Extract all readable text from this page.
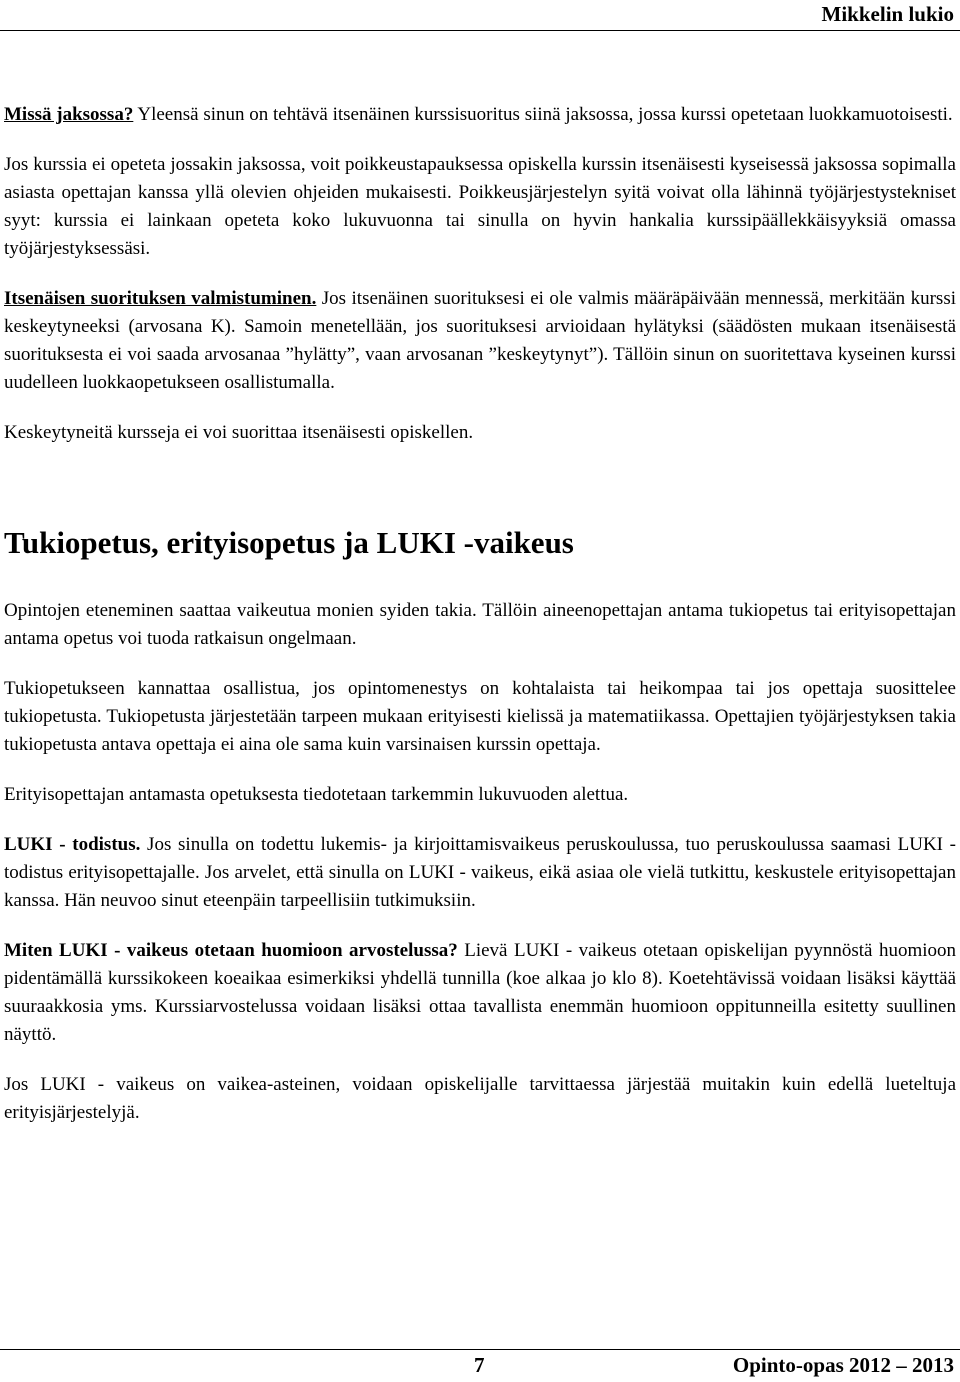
Mikkelin lukio

Missä jaksossa? Yleensä sinun on tehtävä itsenäinen kurssisuoritus siinä jaksossa, jossa kurssi opetetaan luokkamuotoisesti.

Jos kurssia ei opeteta jossakin jaksossa, voit poikkeustapauksessa opiskella kurssin itsenäisesti kyseisessä jaksossa sopimalla asiasta opettajan kanssa yllä olevien ohjeiden mukaisesti. Poikkeusjärjestelyn syitä voivat olla lähinnä työjärjestystekniset syyt: kurssia ei lainkaan opeteta koko lukuvuonna tai sinulla on hyvin hankalia kurssipäällekkäisyyksiä omassa työjärjestyksessäsi.

Itsenäisen suorituksen valmistuminen. Jos itsenäinen suorituksesi ei ole valmis määräpäivään mennessä, merkitään kurssi keskeytyneeksi (arvosana K). Samoin menetellään, jos suorituksesi arvioidaan hylätyksi (säädösten mukaan itsenäisestä suorituksesta ei voi saada arvosanaa ”hylätty”, vaan arvosanan ”keskeytynyt”). Tällöin sinun on suoritettava kyseinen kurssi uudelleen luokkaopetukseen osallistumalla.

Keskeytyneitä kursseja ei voi suorittaa itsenäisesti opiskellen.

Tukiopetus, erityisopetus ja LUKI -vaikeus

Opintojen eteneminen saattaa vaikeutua monien syiden takia. Tällöin aineenopettajan antama tukiopetus tai erityisopettajan antama opetus voi tuoda ratkaisun ongelmaan.

Tukiopetukseen kannattaa osallistua, jos opintomenestys on kohtalaista tai heikompaa tai jos opettaja suosittelee tukiopetusta. Tukiopetusta järjestetään tarpeen mukaan erityisesti kielissä ja matematiikassa. Opettajien työjärjestyksen takia tukiopetusta antava opettaja ei aina ole sama kuin varsinaisen kurssin opettaja.

Erityisopettajan antamasta opetuksesta tiedotetaan tarkemmin lukuvuoden alettua.

LUKI - todistus. Jos sinulla on todettu lukemis- ja kirjoittamisvaikeus peruskoulussa, tuo peruskoulussa saamasi LUKI - todistus erityisopettajalle. Jos arvelet, että sinulla on LUKI - vaikeus, eikä asiaa ole vielä tutkittu, keskustele erityisopettajan kanssa. Hän neuvoo sinut eteenpäin tarpeellisiin tutkimuksiin.

Miten LUKI - vaikeus otetaan huomioon arvostelussa? Lievä LUKI - vaikeus otetaan opiskelijan pyynnöstä huomioon pidentämällä kurssikokeen koeaikaa esimerkiksi yhdellä tunnilla (koe alkaa jo klo 8). Koetehtävissä voidaan lisäksi käyttää suuraakkosia yms. Kurssiarvostelussa voidaan lisäksi ottaa tavallista enemmän huomioon oppitunneilla esitetty suullinen näyttö.

Jos LUKI - vaikeus on vaikea-asteinen, voidaan opiskelijalle tarvittaessa järjestää muitakin kuin edellä lueteltuja erityisjärjestelyjä.

7	Opinto-opas 2012 – 2013
